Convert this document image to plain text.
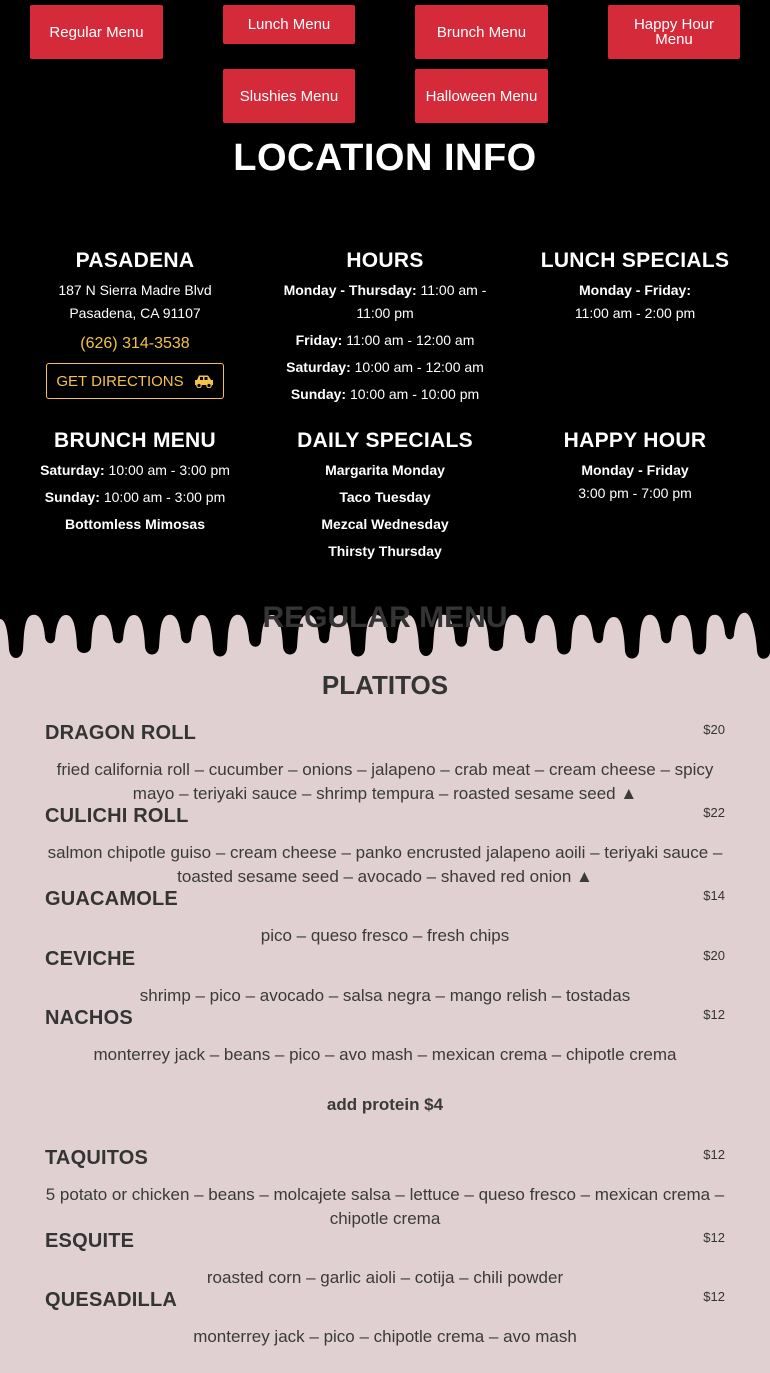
Regular Menu	Lunch Menu	Brunch Menu	Happy Hour Menu
Slushies Menu	Halloween Menu
LOCATION INFO
PASADENA
187 N Sierra Madre Blvd
Pasadena, CA 91107
(626) 314-3538
GET DIRECTIONS
HOURS
Monday - Thursday: 11:00 am - 11:00 pm
Friday: 11:00 am - 12:00 am
Saturday: 10:00 am - 12:00 am
Sunday: 10:00 am - 10:00 pm
LUNCH SPECIALS
Monday - Friday:
11:00 am - 2:00 pm
BRUNCH MENU
Saturday: 10:00 am - 3:00 pm
Sunday: 10:00 am - 3:00 pm
Bottomless Mimosas
DAILY SPECIALS
Margarita Monday
Taco Tuesday
Mezcal Wednesday
Thirsty Thursday
HAPPY HOUR
Monday - Friday
3:00 pm - 7:00 pm
REGULAR MENU
PLATITOS
DRAGON ROLL	$20
fried california roll – cucumber – onions – jalapeno – crab meat – cream cheese – spicy mayo – teriyaki sauce – shrimp tempura – roasted sesame seed ▲
CULICHI ROLL	$22
salmon chipotle guiso – cream cheese – panko encrusted jalapeno aoili – teriyaki sauce – toasted sesame seed – avocado – shaved red onion ▲
GUACAMOLE	$14
pico – queso fresco – fresh chips
CEVICHE	$20
shrimp – pico – avocado – salsa negra – mango relish – tostadas
NACHOS	$12
monterrey jack – beans – pico – avo mash – mexican crema – chipotle crema
add protein $4
TAQUITOS	$12
5 potato or chicken – beans – molcajete salsa – lettuce – queso fresco – mexican crema – chipotle crema
ESQUITE	$12
roasted corn – garlic aioli – cotija – chili powder
QUESADILLA	$12
monterrey jack – pico – chipotle crema – avo mash
